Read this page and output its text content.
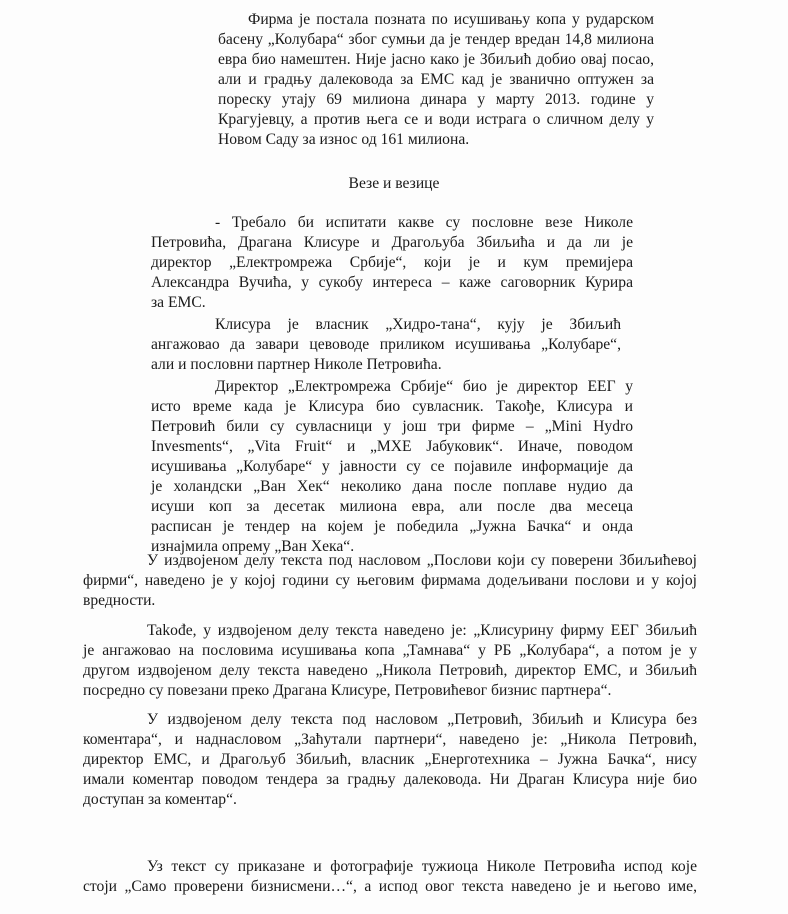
Фирма је постала позната по исушивању копа у рударском
басену „Колубара“ због сумњи да је тендер вредан 14,8 милиона
евра био намештен. Није јасно како је Збиљић добио овај посао,
али и градњу далековода за ЕМС кад је званично оптужен за
пореску утају 69 милиона динара у марту 2013. године у
Крагујевцу, а против њега се и води истрага о сличном делу у
Новом Саду за износ од 161 милиона.
Везе и везице
- Требало би испитати какве су пословне везе Николе
Петровића, Драгана Клисуре и Драгољуба Збиљића и да ли је
директор „Електромрежа Србије“, који је и кум премијера
Александра Вучића, у сукобу интереса – каже саговорник Курира
за ЕМС.
Клисура је власник „Хидро-тана“, кују је Збиљић
ангажовао да завари цевоводе приликом исушивања „Колубаре“,
али и пословни партнер Николе Петровића.
Директор „Електромрежа Србије“ био је директор ЕЕГ у
исто време када је Клисура био сувласник. Такође, Клисура и
Петровић били су сувласници у још три фирме – „Mini Hydro
Invesments“, „Vita Fruit“ и „МХЕ Јабуковик“. Иначе, поводом
исушивања „Колубаре“ у јавности су се појавиле информације да
је холандски „Ван Хек“ неколико дана после поплаве нудио да
исуши коп за десетак милиона евра, али после два месеца
расписан је тендер на којем је победила „Јужна Бачка“ и онда
изнајмила опрему „Ван Хека“.
У издвојеном делу текста под насловом „Послови који су поверени Збиљићевој
фирми“, наведено је у којој години су његовим фирмама додељивани послови и у којој
вредности.
Takođe, у издвојеном делу текста наведено је: „Клисурину фирму ЕЕГ Збиљић
је ангажовао на пословима исушивања копа „Тамнава“ у РБ „Колубара“, а потом је у
другом издвојеном делу текста наведено „Никола Петровић, директор ЕМС, и Збиљић
посредно су повезани преко Драгана Клисуре, Петровићевог бизнис партнера“.
У издвојеном делу текста под насловом „Петровић, Збиљић и Клисура без
коментара“, и наднасловом „Заћутали партнери“, наведено је: „Никола Петровић,
директор ЕМС, и Драгољуб Збиљић, власник „Енерготехника – Јужна Бачка“, нису
имали коментар поводом тендера за градњу далековода. Ни Драган Клисура није био
доступан за коментар“.
Уз текст су приказане и фотографије тужиоца Николе Петровића испод које
стоји „Само проверени бизнисмени…“, а испод овог текста наведено је и његово име,
